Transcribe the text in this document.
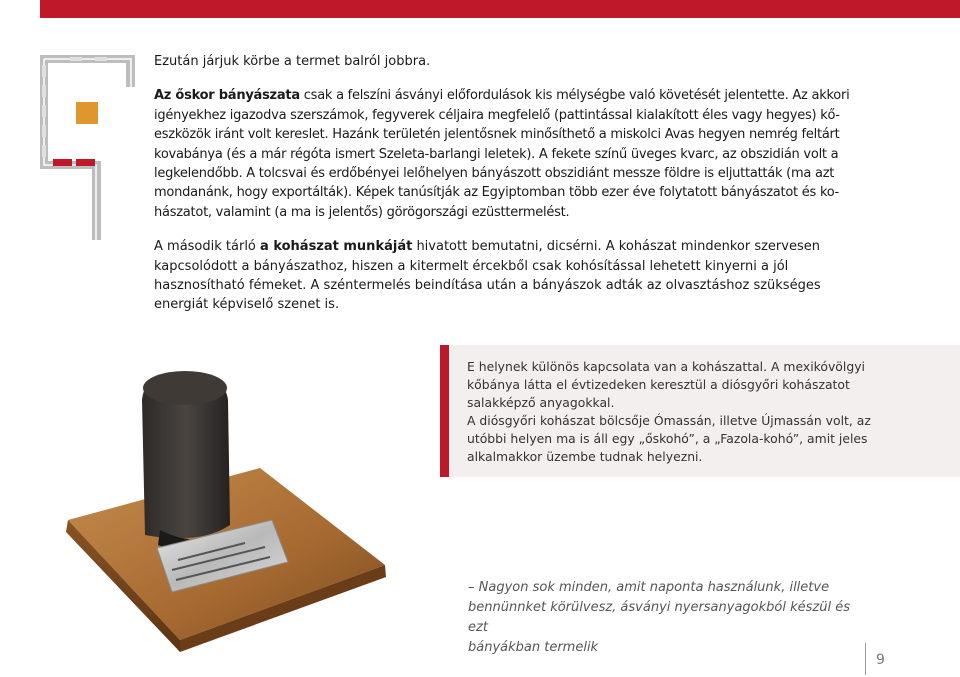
Ezután járjuk körbe a termet balról jobbra.

Az őskor bányászata csak a felszíni ásványi előfordulások kis mélységbe való követését jelentette. Az akkori igényekhez igazodva szerszámok, fegyverek céljaira megfelelő (pattintással kialakított éles vagy hegyes) kőeszközök iránt volt kereslet. Hazánk területén jelentősnek minősíthető a miskolci Avas hegyen nemrég feltárt kovabánya (és a már régóta ismert Szeleta-barlangi leletek). A fekete színű üveges kvarc, az obszidián volt a legkelendőbb. A tolcsvai és erdőbényei lelőhelyen bányászott obszidiánt messze földre is eljuttatták (ma azt mondanánk, hogy exportálták). Képek tanúsítják az Egyiptomban több ezer éve folytatott bányászatot és kohászatot, valamint (a ma is jelentős) görögországi ezüsttermelést.

A második tárló a kohászat munkáját hivatott bemutatni, dicsérni. A kohászat mindenkor szervesen kapcsolódott a bányászathoz, hiszen a kitermelt ércekből csak kohósítással lehetett kinyerni a jól hasznosítható fémeket. A széntermelés beindítása után a bányászok adták az olvasztáshoz szükséges energiát képviselő szenet is.

E helynek különös kapcsolata van a kohászattal. A mexikóvölgyi kőbánya látta el évtizedeken keresztül a diósgyőri kohászatot salakképző anyagokkal.

A diósgyőri kohászat bölcsője Ómassán, illetve Újmassán volt, az utóbbi helyen ma is áll egy „őskohó”, a „Fazola-kohó”, amit jeles alkalmakkor üzembe tudnak helyezni.

– Nagyon sok minden, amit naponta használunk, illetve

bennünnket körülvesz, ásványi nyersanyagokból készül és ezt

bányákban termelik

9
